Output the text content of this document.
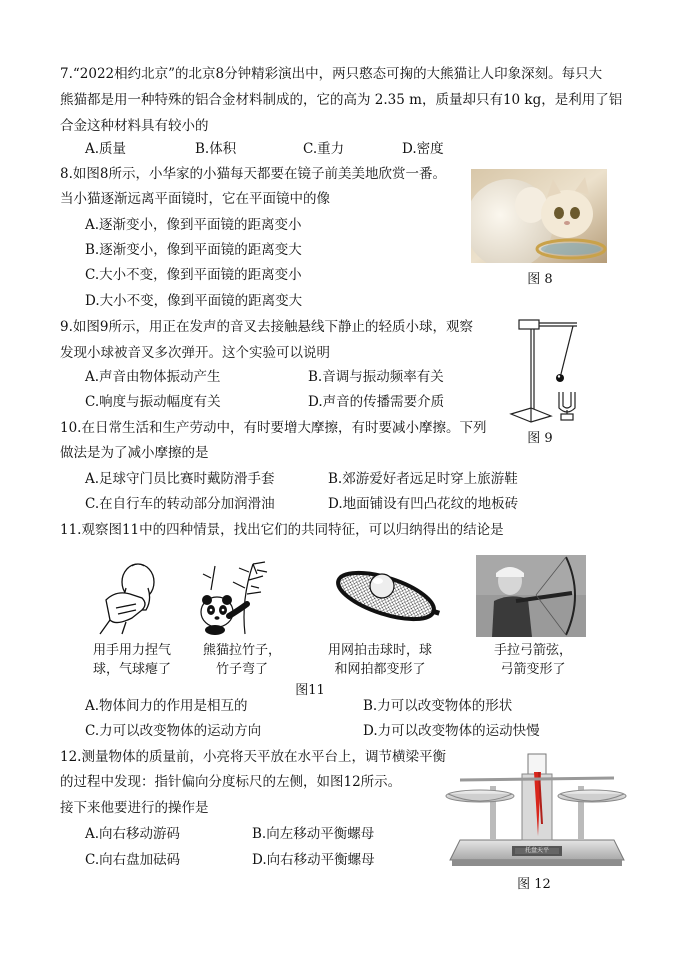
7.“2022相约北京”的北京8分钟精彩演出中，两只憨态可掬的大熊猫让人印象深刻。每只大
熊猫都是用一种特殊的铝合金材料制成的，它的高为 2.35 m，质量却只有10 kg，是利用了铝
合金这种材料具有较小的
A.质量	B.体积	C.重力	D.密度
8.如图8所示，小华家的小猫每天都要在镜子前美美地欣赏一番。
当小猫逐渐远离平面镜时，它在平面镜中的像
A.逐渐变小，像到平面镜的距离变小
B.逐渐变小，像到平面镜的距离变大
C.大小不变，像到平面镜的距离变小
D.大小不变，像到平面镜的距离变大
图 8
9.如图9所示，用正在发声的音叉去接触悬线下静止的轻质小球，观察
发现小球被音叉多次弹开。这个实验可以说明
A.声音由物体振动产生	B.音调与振动频率有关
C.响度与振动幅度有关	D.声音的传播需要介质
图 9
10.在日常生活和生产劳动中，有时要增大摩擦，有时要减小摩擦。下列
做法是为了减小摩擦的是
A.足球守门员比赛时戴防滑手套	B.郊游爱好者远足时穿上旅游鞋
C.在自行车的转动部分加润滑油	D.地面铺设有凹凸花纹的地板砖
11.观察图11中的四种情景，找出它们的共同特征，可以归纳得出的结论是
用手用力捏气
球，气球瘪了
熊猫拉竹子，
竹子弯了
用网拍击球时，球
和网拍都变形了
手拉弓箭弦，
弓箭变形了
图11
A.物体间力的作用是相互的	B.力可以改变物体的形状
C.力可以改变物体的运动方向	D.力可以改变物体的运动快慢
12.测量物体的质量前，小亮将天平放在水平台上，调节横梁平衡
的过程中发现：指针偏向分度标尺的左侧，如图12所示。
接下来他要进行的操作是
A.向右移动游码	B.向左移动平衡螺母
C.向右盘加砝码	D.向右移动平衡螺母
托盘天平
图 12
